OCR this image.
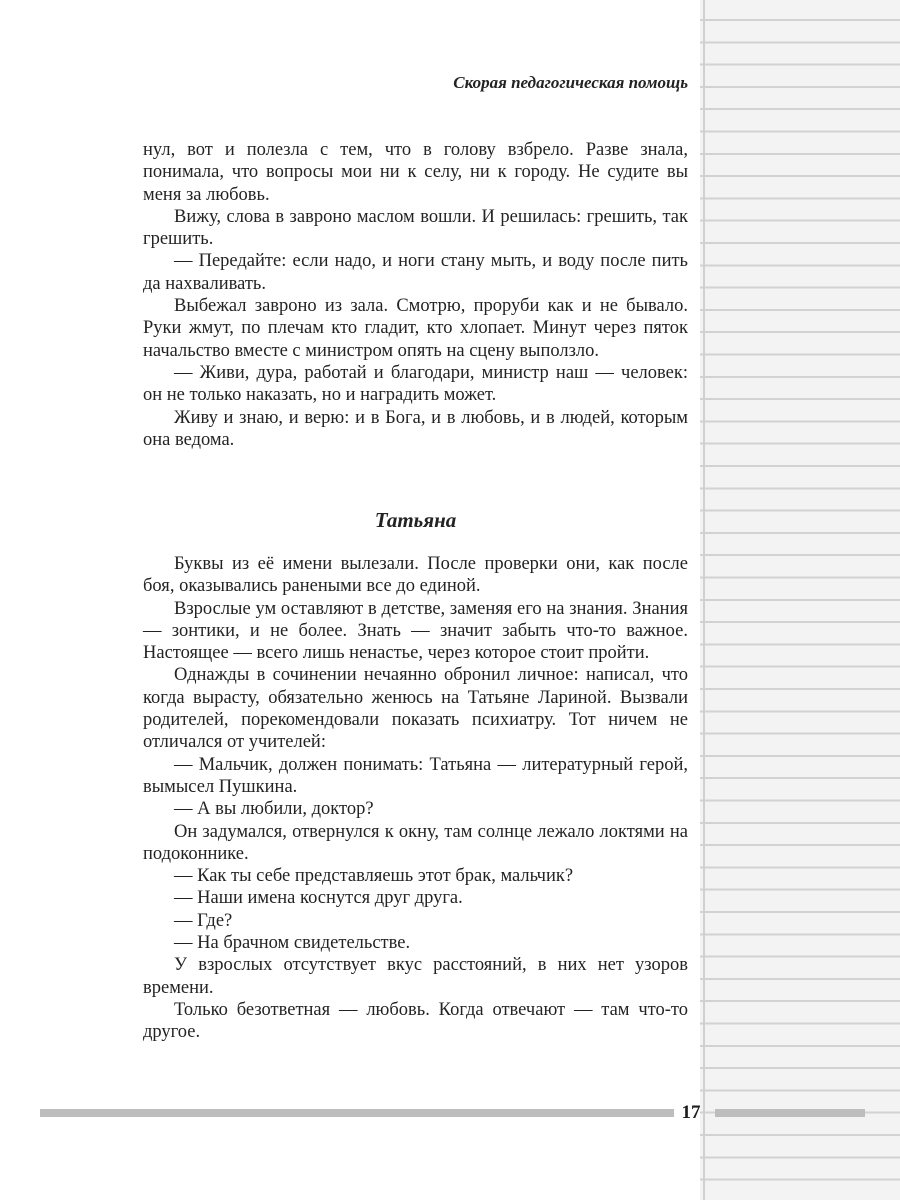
Скорая педагогическая помощь

нул, вот и полезла с тем, что в голову взбрело. Разве знала, понимала, что вопросы мои ни к селу, ни к городу. Не судите вы меня за любовь.

Вижу, слова в завроно маслом вошли. И решилась: грешить, так грешить.

— Передайте: если надо, и ноги стану мыть, и воду после пить да нахваливать.

Выбежал завроно из зала. Смотрю, проруби как и не бывало. Руки жмут, по плечам кто гладит, кто хлопает. Минут через пяток начальство вместе с министром опять на сцену выползло.

— Живи, дура, работай и благодари, министр наш — человек: он не только наказать, но и наградить может.

Живу и знаю, и верю: и в Бога, и в любовь, и в людей, которым она ведома.

Татьяна

Буквы из её имени вылезали. После проверки они, как после боя, оказывались ранеными все до единой.

Взрослые ум оставляют в детстве, заменяя его на знания. Знания — зонтики, и не более. Знать — значит забыть что-то важное. Настоящее — всего лишь ненастье, через которое стоит пройти.

Однажды в сочинении нечаянно обронил личное: написал, что когда вырасту, обязательно женюсь на Татьяне Лариной. Вызвали родителей, порекомендовали показать психиатру. Тот ничем не отличался от учителей:

— Мальчик, должен понимать: Татьяна — литературный герой, вымысел Пушкина.

— А вы любили, доктор?

Он задумался, отвернулся к окну, там солнце лежало локтями на подоконнике.

— Как ты себе представляешь этот брак, мальчик?

— Наши имена коснутся друг друга.

— Где?

— На брачном свидетельстве.

У взрослых отсутствует вкус расстояний, в них нет узоров времени.

Только безответная — любовь. Когда отвечают — там что-то другое.

17
